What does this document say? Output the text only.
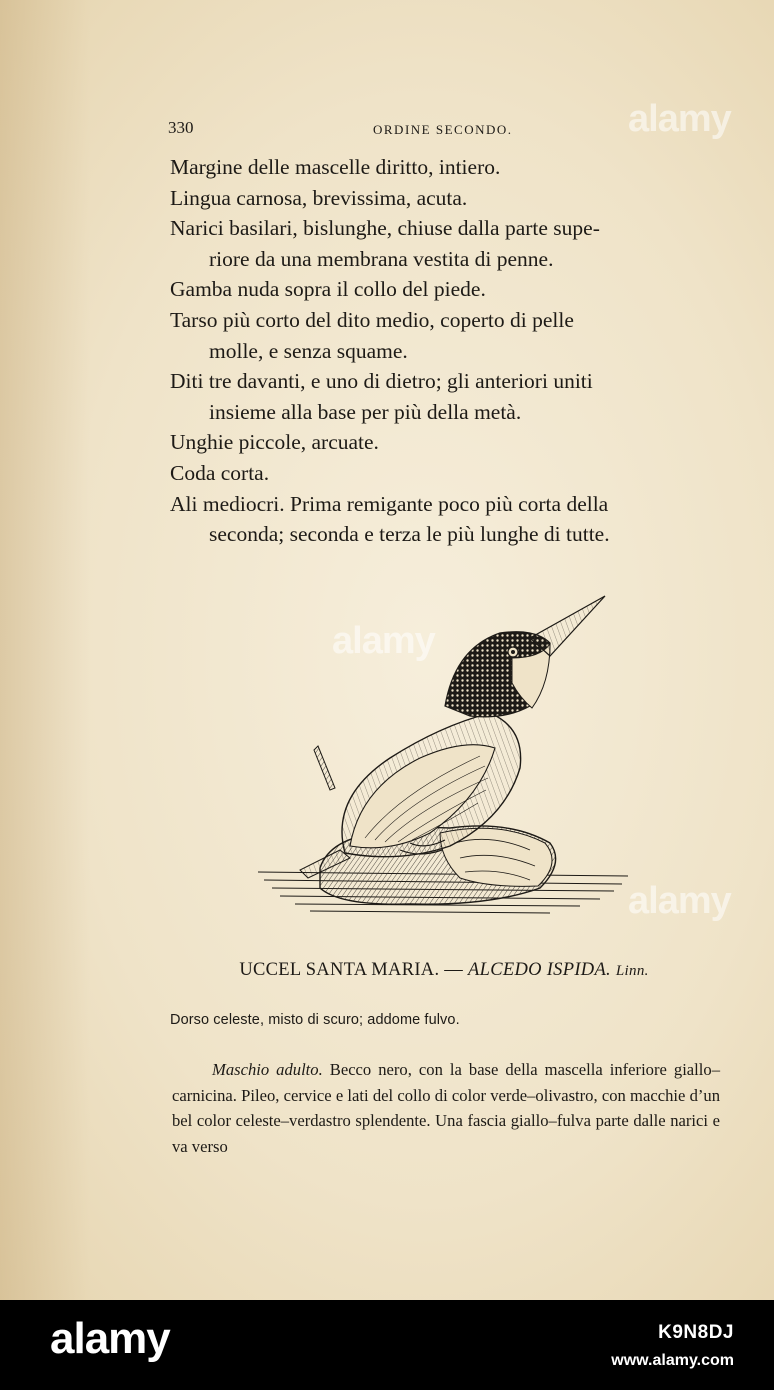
330	ORDINE SECONDO.

Margine delle mascelle diritto, intiero.

Lingua carnosa, brevissima, acuta.

Narici basilari, bislunghe, chiuse dalla parte supe-
riore da una membrana vestita di penne.

Gamba nuda sopra il collo del piede.

Tarso più corto del dito medio, coperto di pelle
molle, e senza squame.

Diti tre davanti, e uno di dietro; gli anteriori uniti
insieme alla base per più della metà.

Unghie piccole, arcuate.

Coda corta.

Ali mediocri. Prima remigante poco più corta della
seconda; seconda e terza le più lunghe di tutte.

UCCEL SANTA MARIA. — ALCEDO ISPIDA. Linn.
Dorso celeste, misto di scuro; addome fulvo.

Maschio adulto. Becco nero, con la base della mascella inferiore giallo–carnicina. Pileo, cervice e lati del collo di color verde–olivastro, con macchie d’un bel color celeste–verdastro splendente. Una fascia giallo–fulva parte dalle narici e va verso

alamy
alamy
alamy
alamy	K9N8DJ
www.alamy.com
